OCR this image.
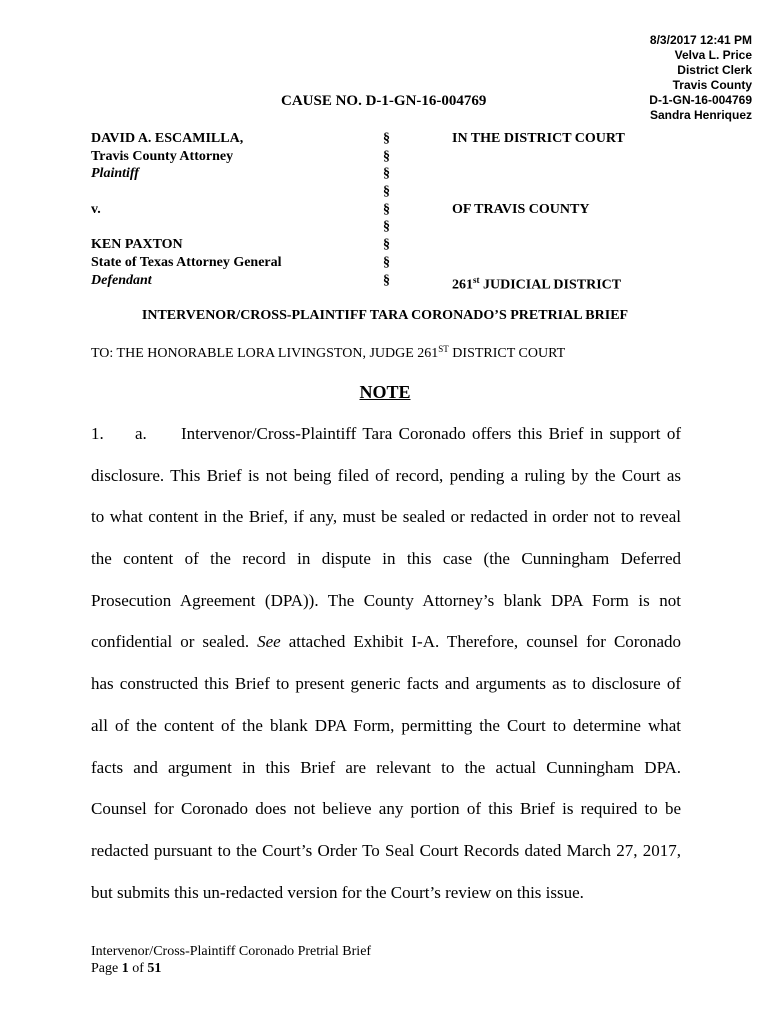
8/3/2017 12:41 PM
Velva L. Price
District Clerk
Travis County
D-1-GN-16-004769
Sandra Henriquez
CAUSE NO. D-1-GN-16-004769
DAVID A. ESCAMILLA,
Travis County Attorney
Plaintiff
v.
KEN PAXTON
State of Texas Attorney General
Defendant
§
§
§
§
§
§
§
§
§
IN THE DISTRICT COURT
OF TRAVIS COUNTY
261st JUDICIAL DISTRICT
INTERVENOR/CROSS-PLAINTIFF TARA CORONADO’S PRETRIAL BRIEF
TO: THE HONORABLE LORA LIVINGSTON, JUDGE 261ST DISTRICT COURT
NOTE
1. a. Intervenor/Cross-Plaintiff Tara Coronado offers this Brief in support of
disclosure. This Brief is not being filed of record, pending a ruling by the Court as
to what content in the Brief, if any, must be sealed or redacted in order not to reveal
the content of the record in dispute in this case (the Cunningham Deferred
Prosecution Agreement (DPA)). The County Attorney’s blank DPA Form is not
confidential or sealed. See attached Exhibit I-A. Therefore, counsel for Coronado
has constructed this Brief to present generic facts and arguments as to disclosure of
all of the content of the blank DPA Form, permitting the Court to determine what
facts and argument in this Brief are relevant to the actual Cunningham DPA.
Counsel for Coronado does not believe any portion of this Brief is required to be
redacted pursuant to the Court’s Order To Seal Court Records dated March 27, 2017,
but submits this un-redacted version for the Court’s review on this issue.
Intervenor/Cross-Plaintiff Coronado Pretrial Brief
Page 1 of 51
